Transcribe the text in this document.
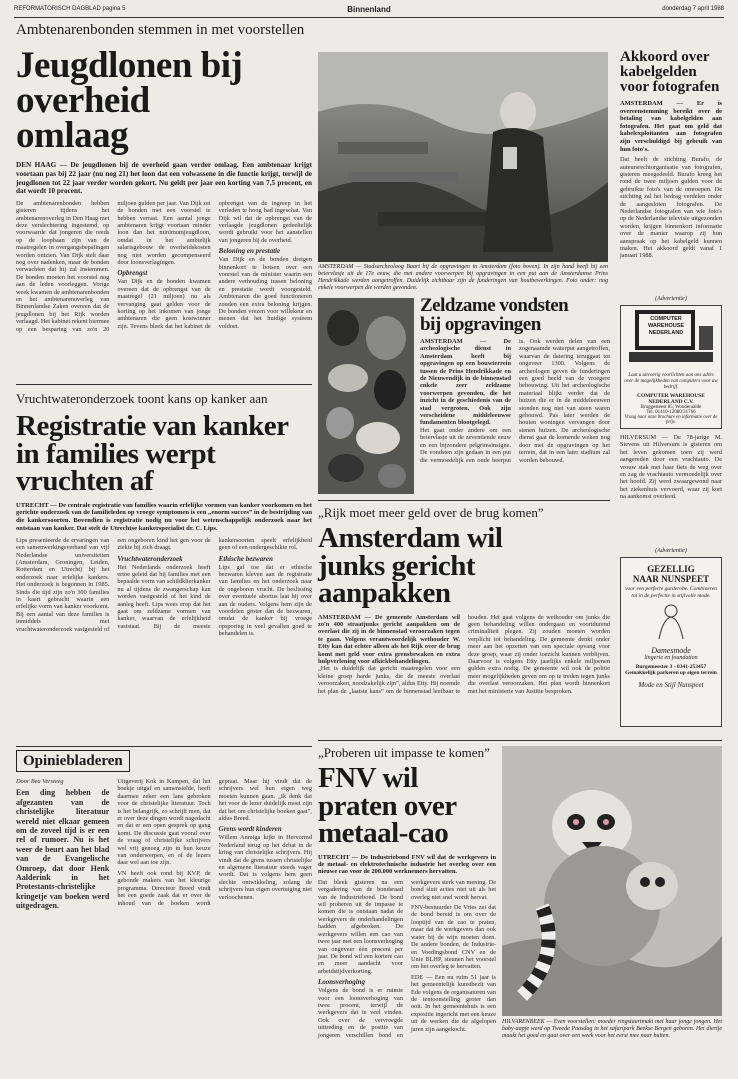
REFORMATORISCH DAGBLAD pagina 5	Binnenland	donderdag 7 april 1988
Ambtenarenbonden stemmen in met voorstellen
Jeugdlonen bij overheid omlaag

DEN HAAG — De jeugdlonen bij de overheid gaan verder omlaag. Een ambtenaar krijgt voortaan pas bij 22 jaar (nu nog 21) het loon dat een volwassene in die functie krijgt, terwijl de jeugdlonen tot 22 jaar verder worden gekort. Nu geldt per jaar een korting van 7,5 procent, en dat wordt 10 procent.

De ambtenarenbonden hebben gisteren tijdens het ambtenarenoverleg in Den Haag met deze verslechtering ingestemd, op voorwaarde dat jongeren die reeds op de loopbaan zijn van de maatregelen in overgangsbepalingen worden ontzien. Van Dijk stelt daar nog over nadenken, maar de bonden verwachten dat hij zal instemmen. De bonden moeten het voorstel nog aan de leden voorleggen. Vorige week kwamen de ambtenarenbonden en het ambtenarenoverleg van Binnenlandse Zaken overeen dat de jeugdlonen bij het Rijk worden verlaagd. Het kabinet rekent hiermee op een besparing van zo'n 20 miljoen gulden per jaar. Van Dijk zei de bonden met een voorstel te hebben verrast. Een aantal jonge ambtenaren krijgt voortaan minder loon dan het minimumjeugdloon, omdat in het ambtelijk salarisgebouw de overheidskosten nog niet worden gecompenseerd door loonsverlagingen.
Opbrengst
Van Dijk en de bonden kwamen overeen dat de opbrengst van de maatregel (21 miljoen) nu als vervanging gaat gelden voor de korting op het inkomen van jonge ambtenaren die geen kostwinner zijn. Tevens bleek dat het kabinet de opbrengst van de ingreep in het verleden te hoog had ingeschat. Van Dijk wil dat de opbrengst van de verlaagde jeugdlonen gedeeltelijk wordt gebruikt voor het aanstellen van jongeren bij de overheid.
Beloning en prestatie
Van Dijk en de bonden dreigen binnenkort te botsen over een voorstel van de minister waarin een andere verhouding tussen beloning en prestatie wordt voorgesteld. Ambtenaren die goed functioneren zouden een extra beloning krijgen. De bonden vrezen voor willekeur en menen dat het huidige systeem voldoet.
AMSTERDAM — Stadsarcheoloog Baart bij de opgravingen in Amsterdam (foto boven). In zijn hand heeft hij een beiervlasje uit de 17e eeuw, die met andere voorwerpen bij opgravingen in een put aan de Amsterdamse Prins Hendrikkade werden aangetroffen. Duidelijk zichtbaar zijn de funderingen van houtbewerkingen. Foto onder: nog enkele voorwerpen die werden gevonden.
Akkoord over kabelgelden voor fotografen

AMSTERDAM — Er is overeenstemming bereikt over de betaling van kabelgelden aan fotografen. Het gaat om geld dat kabelexploitanten aan fotografen zijn verschuldigd bij gebruik van hun foto's.

Dat heeft de stichting Burafo, de auteursrechtorganisatie van fotografen, gisteren meegedeeld. Burafo kreeg het rond de twee miljoen gulden voor de gebruikte foto's van de omroepen. De stichting zal het bedrag verdelen onder de aangesloten fotografen. De Nederlandse fotografen van wie foto's op de Nederlandse televisie uitgezonden worden, krijgen binnenkort informatie over de manier waarop zij hun aanspraak op het kabelgeld kunnen maken. Het akkoord geldt vanaf 1 januari 1988.
(Advertentie)
COMPUTER WAREHOUSE NEDERLAND
Laat u uitvoerig voorlichten aan ons adres over de mogelijkheden van computers voor uw bedrijf.
COMPUTER WAREHOUSE NEDERLAND C.V.
Bruggesteest 85, Wonderaalde
Tel. 01410-12080/31766
Vraag naar onze brochure en informatie over de prijs.
Zeldzame vondsten bij opgravingen
AMSTERDAM — De archeologische dienst in Amsterdam heeft bij opgravingen op een bouwterrein tussen de Prins Hendrikkade en de Nieuwendijk in de binnenstad enkele zeer zeldzame voorwerpen gevonden, die het inzicht in de geschiedenis van de stad vergroten. Ook zijn verscheidene middeleeuwse fundamenten blootgelegd.
Het gaat onder andere om een beiervlasje uit de zeventiende eeuw en een bijzondere pelgrimsinsigne. De vondsten zijn gedaan in een put die vermoedelijk een oude beerput is. Ook werden delen van een zogenaamde waterput aangetroffen, waarvan de datering teruggaat tot ongeveer 1300. Volgens de archeologen geven de funderingen een goed beeld van de vroegere bebouwing. Uit het archeologische materiaal blijkt verder dat de huizen die er in de middeleeuwen stonden nog niet van steen waren gebouwd. Pas later werden de houten woningen vervangen door stenen huizen. De archeologische dienst gaat de komende weken nog door met de opgravingen op het terrein, dat in een later stadium zal worden bebouwd.
HILVERSUM — De 78-jarige M. Stevens uit Hilversum is gisteren om het leven gekomen toen zij werd aangereden door een vrachtauto. De vrouw stak met haar fiets de weg over en zag de vrachtauto vermoedelijk over het hoofd. Zij werd zwaargewond naar het ziekenhuis vervoerd, waar zij kort na aankomst overleed.
(Advertentie)
GEZELLIG
NAAR NUNSPEET
voor een perfecte garderobe. Combineren tot in de perfectie in stijlvolle mode.
Damesmode
lingerie en foundation
Burgemeester 3 - 0341-253457
Gemakkelijk parkeren op eigen terrein
Mode en Stijl Nunspeet
Vruchtwateronderzoek toont kans op kanker aan
Registratie van kanker in families werpt vruchten af

UTRECHT — De centrale registratie van families waarin erfelijke vormen van kanker voorkomen en het gerichte onderzoek van de familieleden op vroege symptomen is een „enorm succes” in de bestrijding van die kankersoorten. Bovendien is registratie nodig nu voor het wetenschappelijk onderzoek naar het ontstaan van kanker. Dat stelt de Utrechtse kankerspecialist dr. C. Lips.

Lips presenteerde de ervaringen van een samenwerkingsverband van vijf Nederlandse universiteiten (Amsterdam, Groningen, Leiden, Rotterdam en Utrecht) bij het onderzoek naar erfelijke kankers. Het onderzoek is begonnen in 1985. Sinds die tijd zijn zo'n 300 families in kaart gebracht waarin een erfelijke vorm van kanker voorkomt. Bij een aantal van deze families is inmiddels met vruchtwateronderzoek vastgesteld of een ongeboren kind het gen voor de ziekte bij zich draagt.
Vruchtwateronderzoek
Het Nederlands onderzoek heeft ertoe geleid dat bij families met een bepaalde vorm van schildklierkanker nu al tijdens de zwangerschap kan worden vastgesteld of het kind de aanleg heeft. Lips wees erop dat het gaat om zeldzame vormen van kanker, waarvan de erfelijkheid vaststaat. Bij de meeste kankersoorten speelt erfelijkheid geen of een ondergeschikte rol.
Ethische bezwaren
Lips gaf toe dat er ethische bezwaren kleven aan de registratie van families en het onderzoek naar de ongeboren vrucht. De beslissing over eventuele abortus laat hij over aan de ouders. Volgens hem zijn de voordelen groter dan de bezwaren, omdat de kanker bij vroege opsporing in veel gevallen goed te behandelen is.
„Rijk moet meer geld over de brug komen”
Amsterdam wil junks gericht aanpakken
AMSTERDAM — De gemeente Amsterdam wil zo'n 400 straatjunks gericht aanpakken om de overlast die zij in de binnenstad veroorzaken tegen te gaan. Volgens verantwoordelijk wethouder W. Etty kan dat echter alleen als het Rijk over de brug komt met geld voor extra grensbewaken en extra hulpverlening voor afkickbehandelingen.
„Het is duidelijk dat gericht maatregelen voor een kleine groep harde junks, die de meeste overlast veroorzaken, noodzakelijk zijn”, aldus Etty. Hij noemde het plan de „laatste kans” om de binnenstad leefbaar te houden. Het gaat volgens de wethouder om junks die geen behandeling willen ondergaan en voortdurend criminaliteit plegen. Zij zouden moeten worden verplicht tot behandeling. De gemeente denkt onder meer aan het opzetten van een speciale opvang voor deze groep, waar zij onder toezicht kunnen verblijven. Daarvoor is volgens Etty jaarlijks enkele miljoenen gulden extra nodig. De gemeente wil ook de politie meer mogelijkheden geven om op te treden tegen junks die overlast veroorzaken. Het plan wordt binnenkort met het ministerie van Justitie besproken.
Opiniebladeren
Door Bea Versteeg
Een ding hebben de afgezanten van de christelijke literatuur wereld niet elkaar gemeen om de zoveel tijd is er een rel of rumoer. Nu is het weer de beurt aan het blad van de Evangelische Omroep, dat door Henk Aalderink in het Protestants-christelijke kringetje van boeken werd uitgedragen.
Uitgeverij Kok in Kampen, dat het boekje uitgaf en samenstelde, heeft daarmee zeker een lans gebroken voor de christelijke literatuur. Toch is het belangrijk, zo schrijft men, dat er over deze dingen wordt nagedacht en dat er een open gesprek op gang komt. De discussie gaat vooral over de vraag of christelijke schrijvers wel vrij genoeg zijn in hun keuze van onderwerpen, en of de lezers daar wel aan toe zijn.
VN heeft ook rond bij KVP, de gebonde makers van het kleurige programma. Directeur Breed vindt het een goede zaak dat er over de inhoud van de boeken wordt gepraat. Maar hij vindt dat de schrijvers wel hun eigen weg moeten kunnen gaan. „Ik denk dat het voor de lezer duidelijk moet zijn dat het om christelijke boeken gaat”, aldus Breed.
Grens wordt kinderen
Willem Anmiga kijkt in Hervormd Nederland terug op het debat in de kring van christelijke schrijvers. Hij vindt dat de grens tussen christelijke en algemene literatuur steeds vager wordt. Dat is volgens hem geen slechte ontwikkeling, zolang de schrijvers hun eigen overtuiging niet verloochenen.
„Proberen uit impasse te komen”
FNV wil praten over metaal-cao

UTRECHT — De Industriebond FNV wil dat de werkgevers in de metaal- en elektrotechnische industrie het overleg over een nieuwe cao voor de 200.000 werknemers hervatten.

Dat bleek gisteren na een vergadering van de bondsraad van de Industriebond. De bond wil proberen uit de impasse te komen die is ontstaan nadat de werkgevers de onderhandelingen hadden afgebroken. De werkgevers willen een cao van twee jaar met een loonsverhoging van ongeveer één procent per jaar. De bond wil een kortere cao en meer aandacht voor arbeidstijdverkorting.
Loonsverhoging
Volgens de bond is er ruimte voor een loonsverhoging van twee procent, terwijl de werkgevers dat te veel vinden. Ook over de vervroegde uittreding en de positie van jongeren verschillen bond en werkgevers sterk van mening. De bond sluit acties niet uit als het overleg niet snel wordt hervat.
FNV-bestuurder De Vries zei dat de bond bereid is om over de looptijd van de cao te praten, maar dat de werkgevers dan ook water bij de wijn moeten doen. De andere bonden, de Industrie- en Voedingsbond CNV en de Unie BLHP, steunen het voorstel om het overleg te hervatten.
EDE — Een nu ruim 51 jaar is het gemeentelijk kunstbezit van Ede volgens de organisatoren van de tentoonstelling groter dan ooit. In het gemeentehuis is een expositie ingericht met een keuze uit de werken die de afgelopen jaren zijn aangekocht.
HILVARENBEEK — Even voorstellen: moeder ringstaartmaki met haar jonge jongen. Het baby-aapje werd op Tweede Paasdag in het safaripark Beekse Bergen geboren. Het diertje maakt het goed en gaat over een week voor het eerst mee naar buiten.
